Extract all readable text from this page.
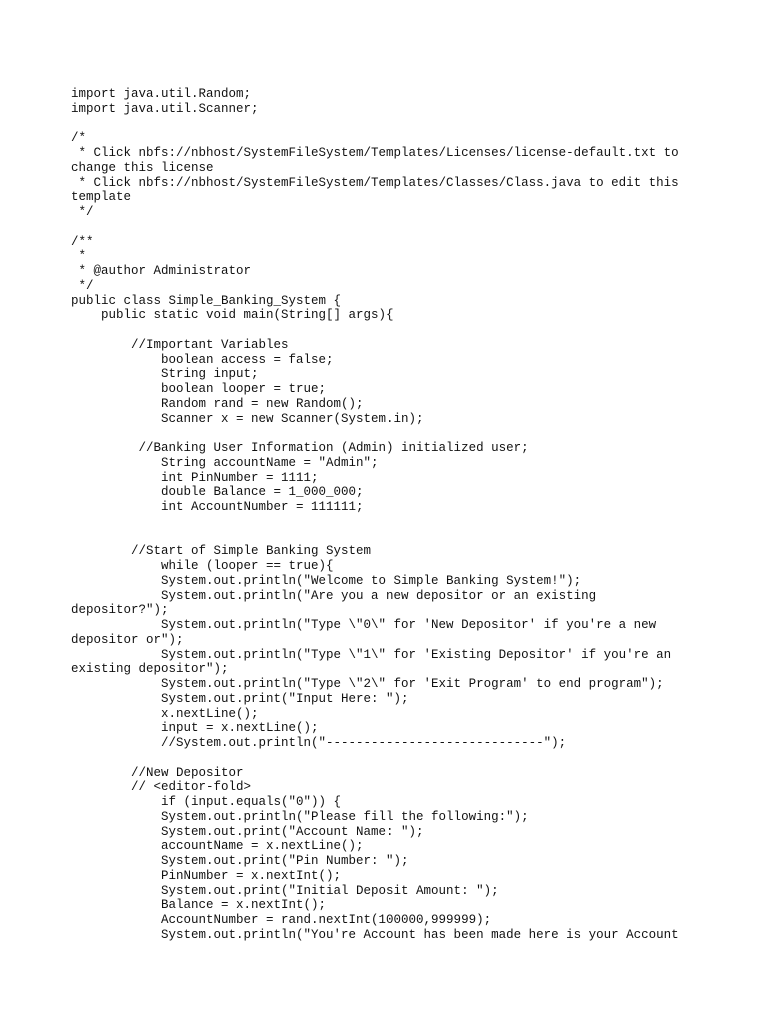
import java.util.Random;
import java.util.Scanner;
/*
* Click nbfs://nbhost/SystemFileSystem/Templates/Licenses/license-default.txt to
change this license
* Click nbfs://nbhost/SystemFileSystem/Templates/Classes/Class.java to edit this
template
*/
/**
*
* @author Administrator
*/
public class Simple_Banking_System {
public static void main(String[] args){
//Important Variables
boolean access = false;
String input;
boolean looper = true;
Random rand = new Random();
Scanner x = new Scanner(System.in);
//Banking User Information (Admin) initialized user;
String accountName = "Admin";
int PinNumber = 1111;
double Balance = 1_000_000;
int AccountNumber = 111111;
//Start of Simple Banking System
while (looper == true){
System.out.println("Welcome to Simple Banking System!");
System.out.println("Are you a new depositor or an existing
depositor?");
System.out.println("Type \"0\" for 'New Depositor' if you're a new
depositor or");
System.out.println("Type \"1\" for 'Existing Depositor' if you're an
existing depositor");
System.out.println("Type \"2\" for 'Exit Program' to end program");
System.out.print("Input Here: ");
x.nextLine();
input = x.nextLine();
//System.out.println("-----------------------------");
//New Depositor
// <editor-fold>
if (input.equals("0")) {
System.out.println("Please fill the following:");
System.out.print("Account Name: ");
accountName = x.nextLine();
System.out.print("Pin Number: ");
PinNumber = x.nextInt();
System.out.print("Initial Deposit Amount: ");
Balance = x.nextInt();
AccountNumber = rand.nextInt(100000,999999);
System.out.println("You're Account has been made here is your Account
